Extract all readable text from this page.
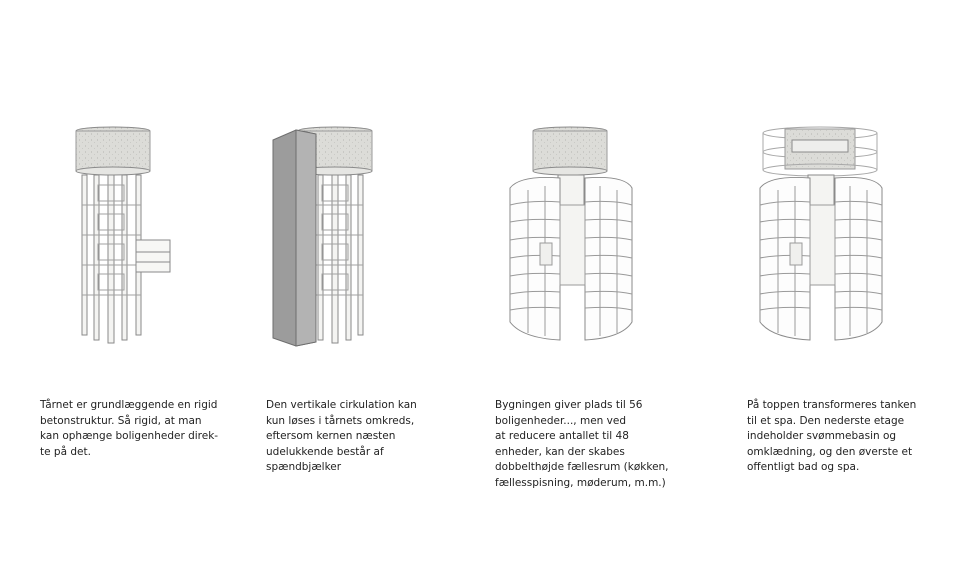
Tårnet er grundlæggende en rigid
betonstruktur. Så rigid, at man
kan ophænge boligenheder direk-
te på det.
Den vertikale cirkulation kan
kun løses i tårnets omkreds,
eftersom kernen næsten
udelukkende består af
spændbjælker
Bygningen giver plads til 56
boligenheder..., men ved
at reducere antallet til 48
enheder, kan der skabes
dobbelthøjde fællesrum (køkken,
fællesspisning, møderum, m.m.)
På toppen transformeres tanken
til et spa. Den nederste etage
indeholder svømmebasin og
omklædning, og den øverste et
offentligt bad og spa.
